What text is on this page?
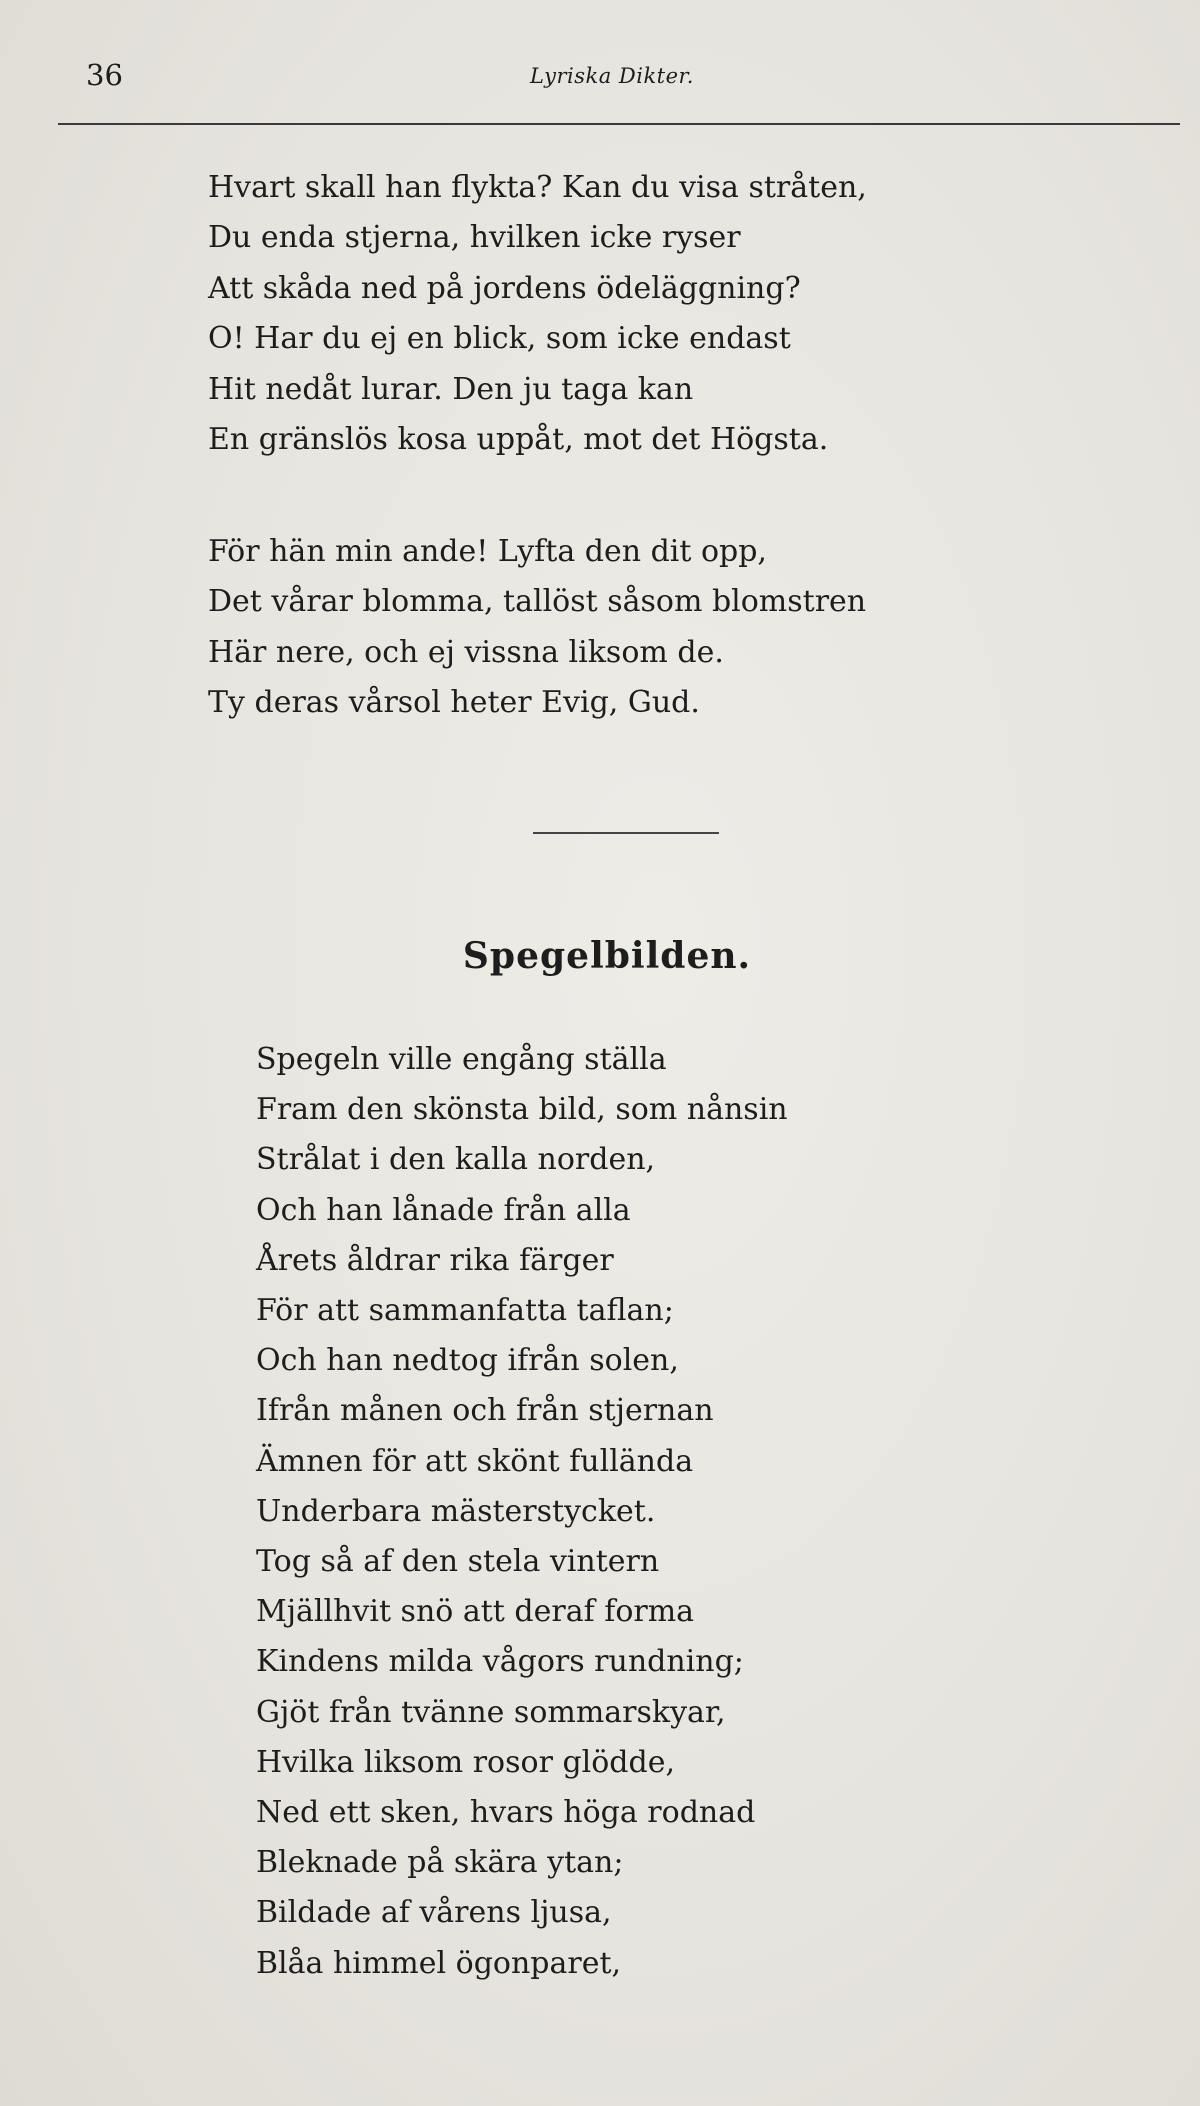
36	Lyriska Dikter.
Hvart skall han flykta? Kan du visa stråten,
Du enda stjerna, hvilken icke ryser
Att skåda ned på jordens ödeläggning?
O! Har du ej en blick, som icke endast
Hit nedåt lurar. Den ju taga kan
En gränslös kosa uppåt, mot det Högsta.
För hän min ande! Lyfta den dit opp,
Det vårar blomma, tallöst såsom blomstren
Här nere, och ej vissna liksom de.
Ty deras vårsol heter Evig, Gud.
Spegelbilden.
Spegeln ville engång ställa
Fram den skönsta bild, som nånsin
Strålat i den kalla norden,
Och han lånade från alla
Årets åldrar rika färger
För att sammanfatta taflan;
Och han nedtog ifrån solen,
Ifrån månen och från stjernan
Ämnen för att skönt fullända
Underbara mästerstycket.
Tog så af den stela vintern
Mjällhvit snö att deraf forma
Kindens milda vågors rundning;
Gjöt från tvänne sommarskyar,
Hvilka liksom rosor glödde,
Ned ett sken, hvars höga rodnad
Bleknade på skära ytan;
Bildade af vårens ljusa,
Blåa himmel ögonparet,
